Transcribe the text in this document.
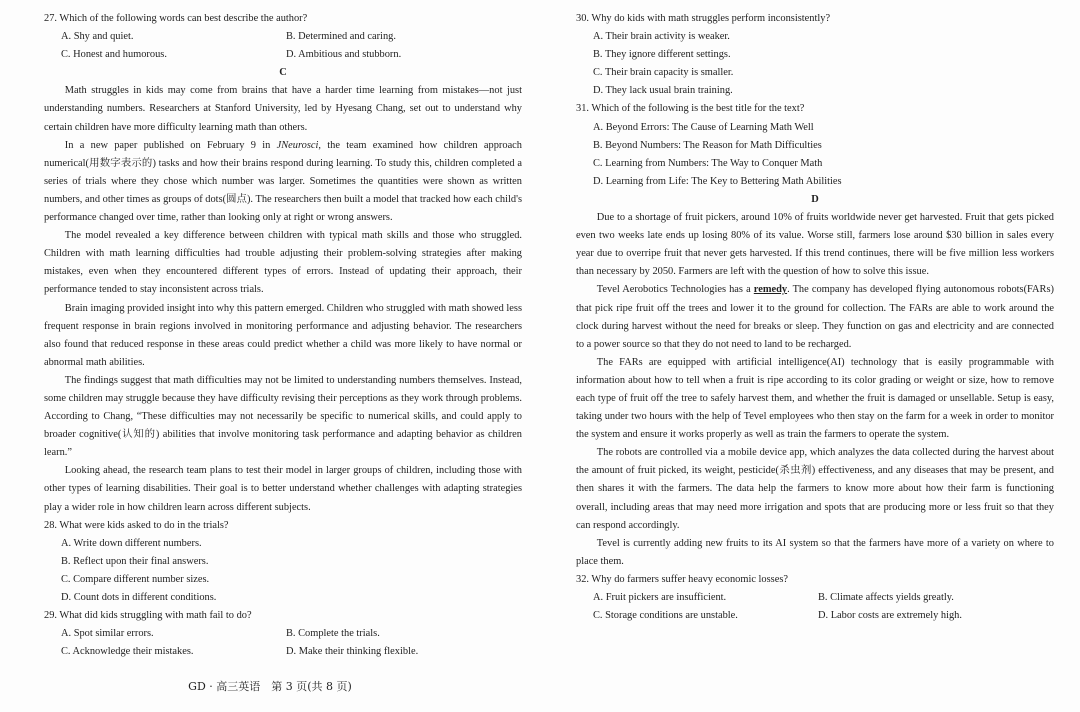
27. Which of the following words can best describe the author?
A. Shy and quiet.	B. Determined and caring.
C. Honest and humorous.	D. Ambitious and stubborn.
C

Math struggles in kids may come from brains that have a harder time learning from mistakes—not just understanding numbers. Researchers at Stanford University, led by Hyesang Chang, set out to understand why certain children have more difficulty learning math than others.

In a new paper published on February 9 in JNeurosci, the team examined how children approach numerical(用数字表示的) tasks and how their brains respond during learning. To study this, children completed a series of trials where they chose which number was larger. Sometimes the quantities were shown as written numbers, and other times as groups of dots(圆点). The researchers then built a model that tracked how each child's performance changed over time, rather than looking only at right or wrong answers.

The model revealed a key difference between children with typical math skills and those who struggled. Children with math learning difficulties had trouble adjusting their problem-solving strategies after making mistakes, even when they encountered different types of errors. Instead of updating their approach, their performance tended to stay inconsistent across trials.

Brain imaging provided insight into why this pattern emerged. Children who struggled with math showed less frequent response in brain regions involved in monitoring performance and adjusting behavior. The researchers also found that reduced response in these areas could predict whether a child was more likely to have normal or abnormal math abilities.

The findings suggest that math difficulties may not be limited to understanding numbers themselves. Instead, some children may struggle because they have difficulty revising their perceptions as they work through problems. According to Chang, “These difficulties may not necessarily be specific to numerical skills, and could apply to broader cognitive(认知的) abilities that involve monitoring task performance and adapting behavior as children learn.”

Looking ahead, the research team plans to test their model in larger groups of children, including those with other types of learning disabilities. Their goal is to better understand whether challenges with adapting strategies play a wider role in how children learn across different subjects.

28. What were kids asked to do in the trials?
A. Write down different numbers.
B. Reflect upon their final answers.
C. Compare different number sizes.
D. Count dots in different conditions.
29. What did kids struggling with math fail to do?
A. Spot similar errors.	B. Complete the trials.
C. Acknowledge their mistakes.	D. Make their thinking flexible.
30. Why do kids with math struggles perform inconsistently?
A. Their brain activity is weaker.
B. They ignore different settings.
C. Their brain capacity is smaller.
D. They lack usual brain training.
31. Which of the following is the best title for the text?
A. Beyond Errors: The Cause of Learning Math Well
B. Beyond Numbers: The Reason for Math Difficulties
C. Learning from Numbers: The Way to Conquer Math
D. Learning from Life: The Key to Bettering Math Abilities
D

Due to a shortage of fruit pickers, around 10% of fruits worldwide never get harvested. Fruit that gets picked even two weeks late ends up losing 80% of its value. Worse still, farmers lose around $30 billion in sales every year due to overripe fruit that never gets harvested. If this trend continues, there will be five million less workers than necessary by 2050. Farmers are left with the question of how to solve this issue.

Tevel Aerobotics Technologies has a remedy. The company has developed flying autonomous robots(FARs) that pick ripe fruit off the trees and lower it to the ground for collection. The FARs are able to work around the clock during harvest without the need for breaks or sleep. They function on gas and electricity and are connected to a power source so that they do not need to land to be recharged.

The FARs are equipped with artificial intelligence(AI) technology that is easily programmable with information about how to tell when a fruit is ripe according to its color grading or weight or size, how to remove each type of fruit off the tree to safely harvest them, and whether the fruit is damaged or unsellable. Setup is easy, taking under two hours with the help of Tevel employees who then stay on the farm for a week in order to monitor the system and ensure it works properly as well as train the farmers to operate the system.

The robots are controlled via a mobile device app, which analyzes the data collected during the harvest about the amount of fruit picked, its weight, pesticide(杀虫剂) effectiveness, and any diseases that may be present, and then shares it with the farmers. The data help the farmers to know more about how their farm is functioning overall, including areas that may need more irrigation and spots that are producing more or less fruit so that they can respond accordingly.

Tevel is currently adding new fruits to its AI system so that the farmers have more of a variety on where to place them.

32. Why do farmers suffer heavy economic losses?
A. Fruit pickers are insufficient.	B. Climate affects yields greatly.
C. Storage conditions are unstable.	D. Labor costs are extremely high.
GD · 高三英语　第 3 页(共 8 页)
